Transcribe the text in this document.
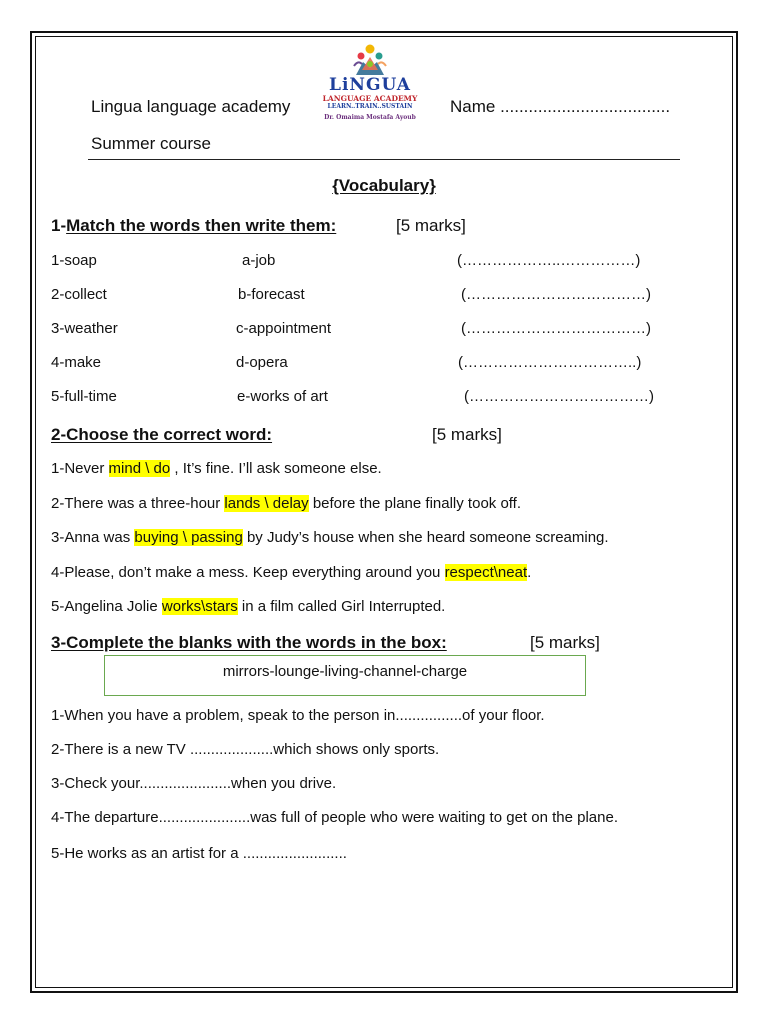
Lingua language academy
Summer course
Name ....................................
LiNGUA
LANGUAGE ACADEMY
LEARN..TRAIN..SUSTAIN
Dr. Omaima Mostafa Ayoub
{Vocabulary}
1-Match the words then write them:	[5 marks]
1-soap	a-job	(………………..……………)
2-collect	b-forecast	(………………………………)
3-weather	c-appointment	(………………………………)
4-make	d-opera	(……………………………..)
5-full-time	e-works of art	(………………………………)
2-Choose the correct word:	[5 marks]
1-Never mind \ do , It’s fine. I’ll ask someone else.
2-There was a three-hour lands \ delay before the plane finally took off.
3-Anna was buying \ passing by Judy’s house when she heard someone screaming.
4-Please, don’t make a mess. Keep everything around you respect\neat.
5-Angelina Jolie works\stars in a film called Girl Interrupted.
3-Complete the blanks with the words in the box:	[5 marks]
mirrors-lounge-living-channel-charge
1-When you have a problem, speak to the person in................of your floor.
2-There is a new TV ....................which shows only sports.
3-Check your......................when you drive.
4-The departure......................was full of people who were waiting to get on the plane.
5-He works as an artist for a .........................
